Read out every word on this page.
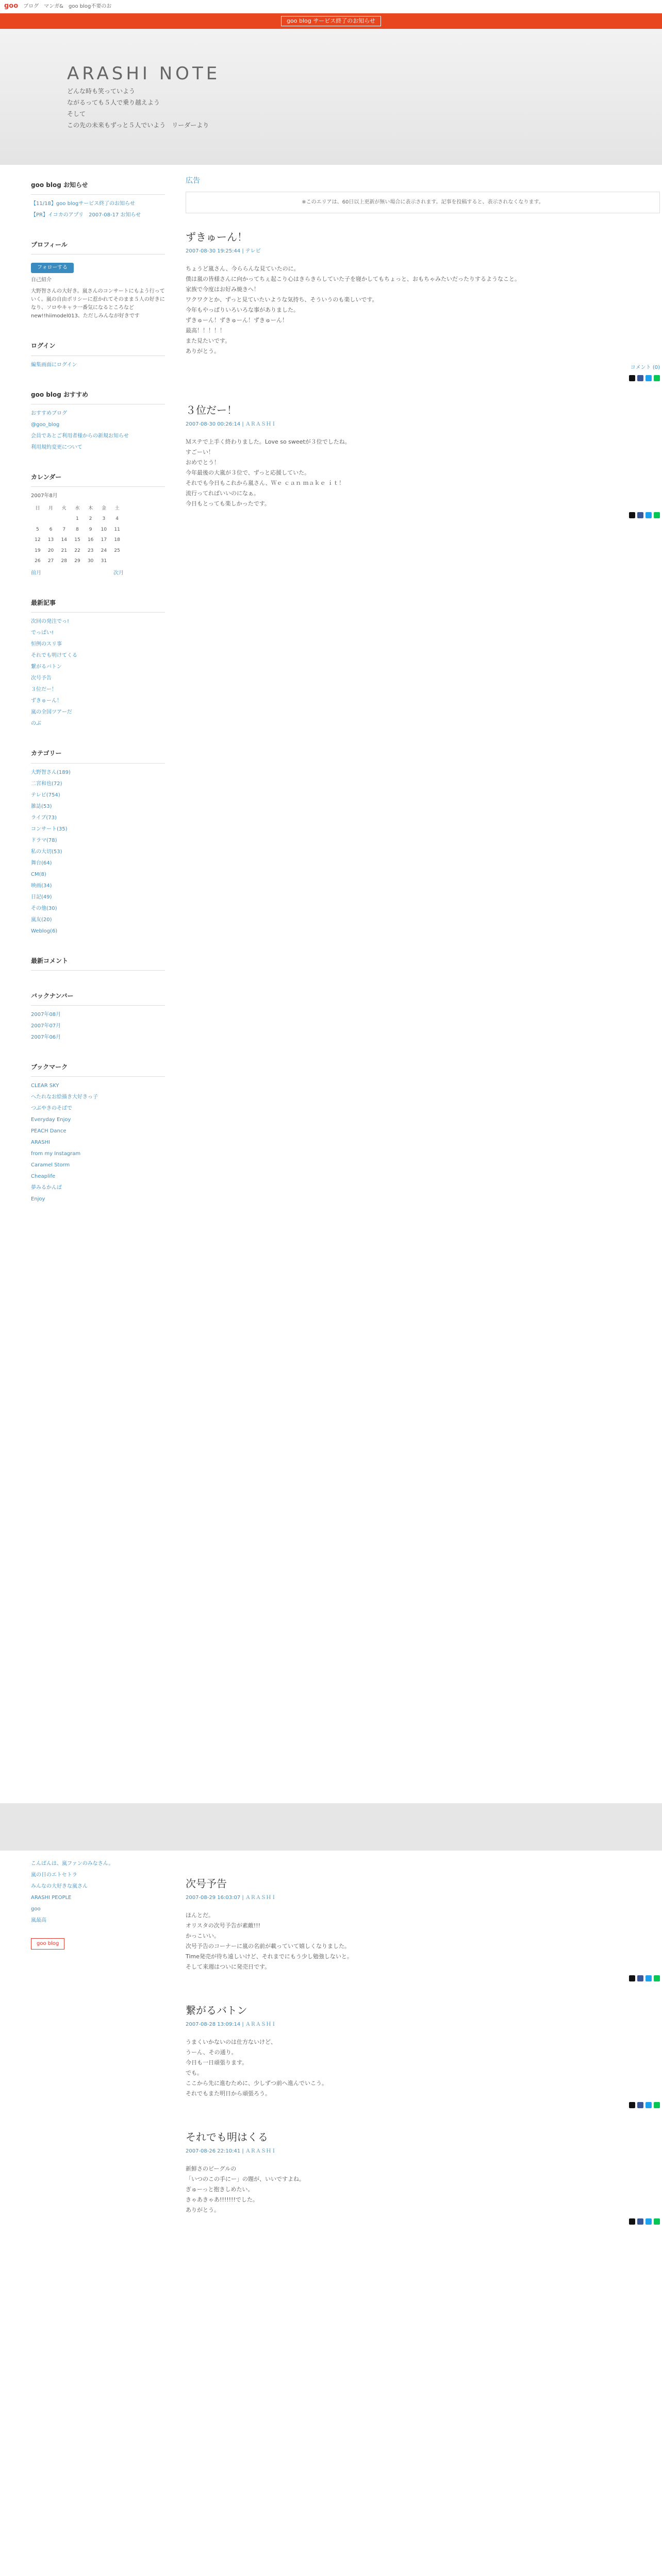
goo ブログ マンガ& goo blog不要のお
goo blog サービス終了のお知らせ
ARASHI NOTE
どんな時も笑っていよう
ながるっても５人で乗り越えよう
そして
この先の未来もずっと５人でいよう　リーダーより
goo blog お知らせ
【11/18】goo blogサービス終了のお知らせ
【PR】イコカのアプリ　2007-08-17 お知らせ
プロフィール
フォローする
自己紹介
大野智さんの大好き。嵐さんのコンサートにもよう行っていく。嵐の自由ポリシーに惹かれてそのまま５人の好きになり、ソロやキャラ一番気になるところなどnew!!hiimodel013、ただしみんなが好きです
ログイン
編集画面にログイン
goo blog おすすめ
おすすめブログ
@goo_blog
会員であとご利用者様からの新規お知らせ
利用規約変更について
カレンダー
2007年8月
日	月	火	水	木	金	土
			1	2	3	4
5	6	7	8	9	10	11
12	13	14	15	16	17	18
19	20	21	22	23	24	25
26	27	28	29	30	31	
前月	次月
最新記事
次回の発注でっ!
でっぱい!
恒例のスリ事
それでも明けてくる
繋がるバトン
次号予告
３位だー！
ずきゅーん！
嵐の全国ツアーだ
のぶ
カテゴリー
大野智さん(189)
二宮和也(72)
テレビ(754)
雑誌(53)
ライブ(73)
コンサート(35)
ドラマ(78)
私の大切(53)
舞台(64)
CM(8)
映画(34)
日記(49)
その他(30)
嵐友(20)
Weblog(6)
最新コメント
バックナンバー
2007年08月
2007年07月
2007年06月
ブックマーク
CLEAR SKY
へたれなお絵描き大好きっ子
つぶやきのそばで
Everyday Enjoy
PEACH Dance
ARASHI
from my Instagram
Caramel Storm
Cheaplife
夢みるかんば
Enjoy
広告
※このエリアは、60日以上更新が無い場合に表示されます。記事を投稿すると、表示されなくなります。
ずきゅーん！
2007-08-30 19:25:44 | テレビ

ちょうど嵐さん、今ららんな見ていたのに。

僕は嵐の皆様さんに向かってちぇ起こり心はきらきらしていた子を寝かしてもちょっと、おもちゃみたいだったりするようなこと。

家族で今度はお好み焼きへ！

ワクワクとか、ずっと見ていたいような気持ち、そういうのも楽しいです。

今年もやっぱりいろいろな事がありました。

ずきゅーん！ずきゅーん！ずきゅーん！

最高！！！！！

また見たいです。

ありがとう。

コメント (0)
３位だー！
2007-08-30 00:26:14 | ＡＲＡＳＨＩ

Ｍステで上手く終わりました。Love so sweetが３位でしたね。

すごーい！

おめでとう！

今年最後の大嵐が３位で、ずっと応援していた。

それでも今日もこれから嵐さん、Ｗｅ ｃａｎ ｍａｋｅ ｉｔ！

流行ってればいいのになぁ。

今日もとっても楽しかったです。

こんばんは、嵐ファンのみなさん。
嵐の日のエトセトラ
みんなの大好きな嵐さん
ARASHI PEOPLE
goo
嵐最高
goo blog
次号予告
2007-08-29 16:03:07 | ＡＲＡＳＨＩ

ほんとだ。

オリスタの次号予告が素敵!!!

かっこいい。

次号予告のコーナーに嵐の名前が載っていて嬉しくなりました。

Time発売が待ち遠しいけど、それまでにもう少し勉強しないと。

そして来週はついに発売日です。

繋がるバトン
2007-08-28 13:09:14 | ＡＲＡＳＨＩ

うまくいかないのは仕方ないけど、

うーん、その通り。

今日も一日頑張ります。

でも。

ここから先に進むために、少しずつ前へ進んでいこう。

それでもまた明日から頑張ろう。

それでも明はくる
2007-08-26 22:10:41 | ＡＲＡＳＨＩ

新鮮さのビーグルの

「いつのこの手にー」の題が、いいですよね。

ぎゅーっと抱きしめたい。

きゃあきゃあ!!!!!!!でした。

ありがとう。
